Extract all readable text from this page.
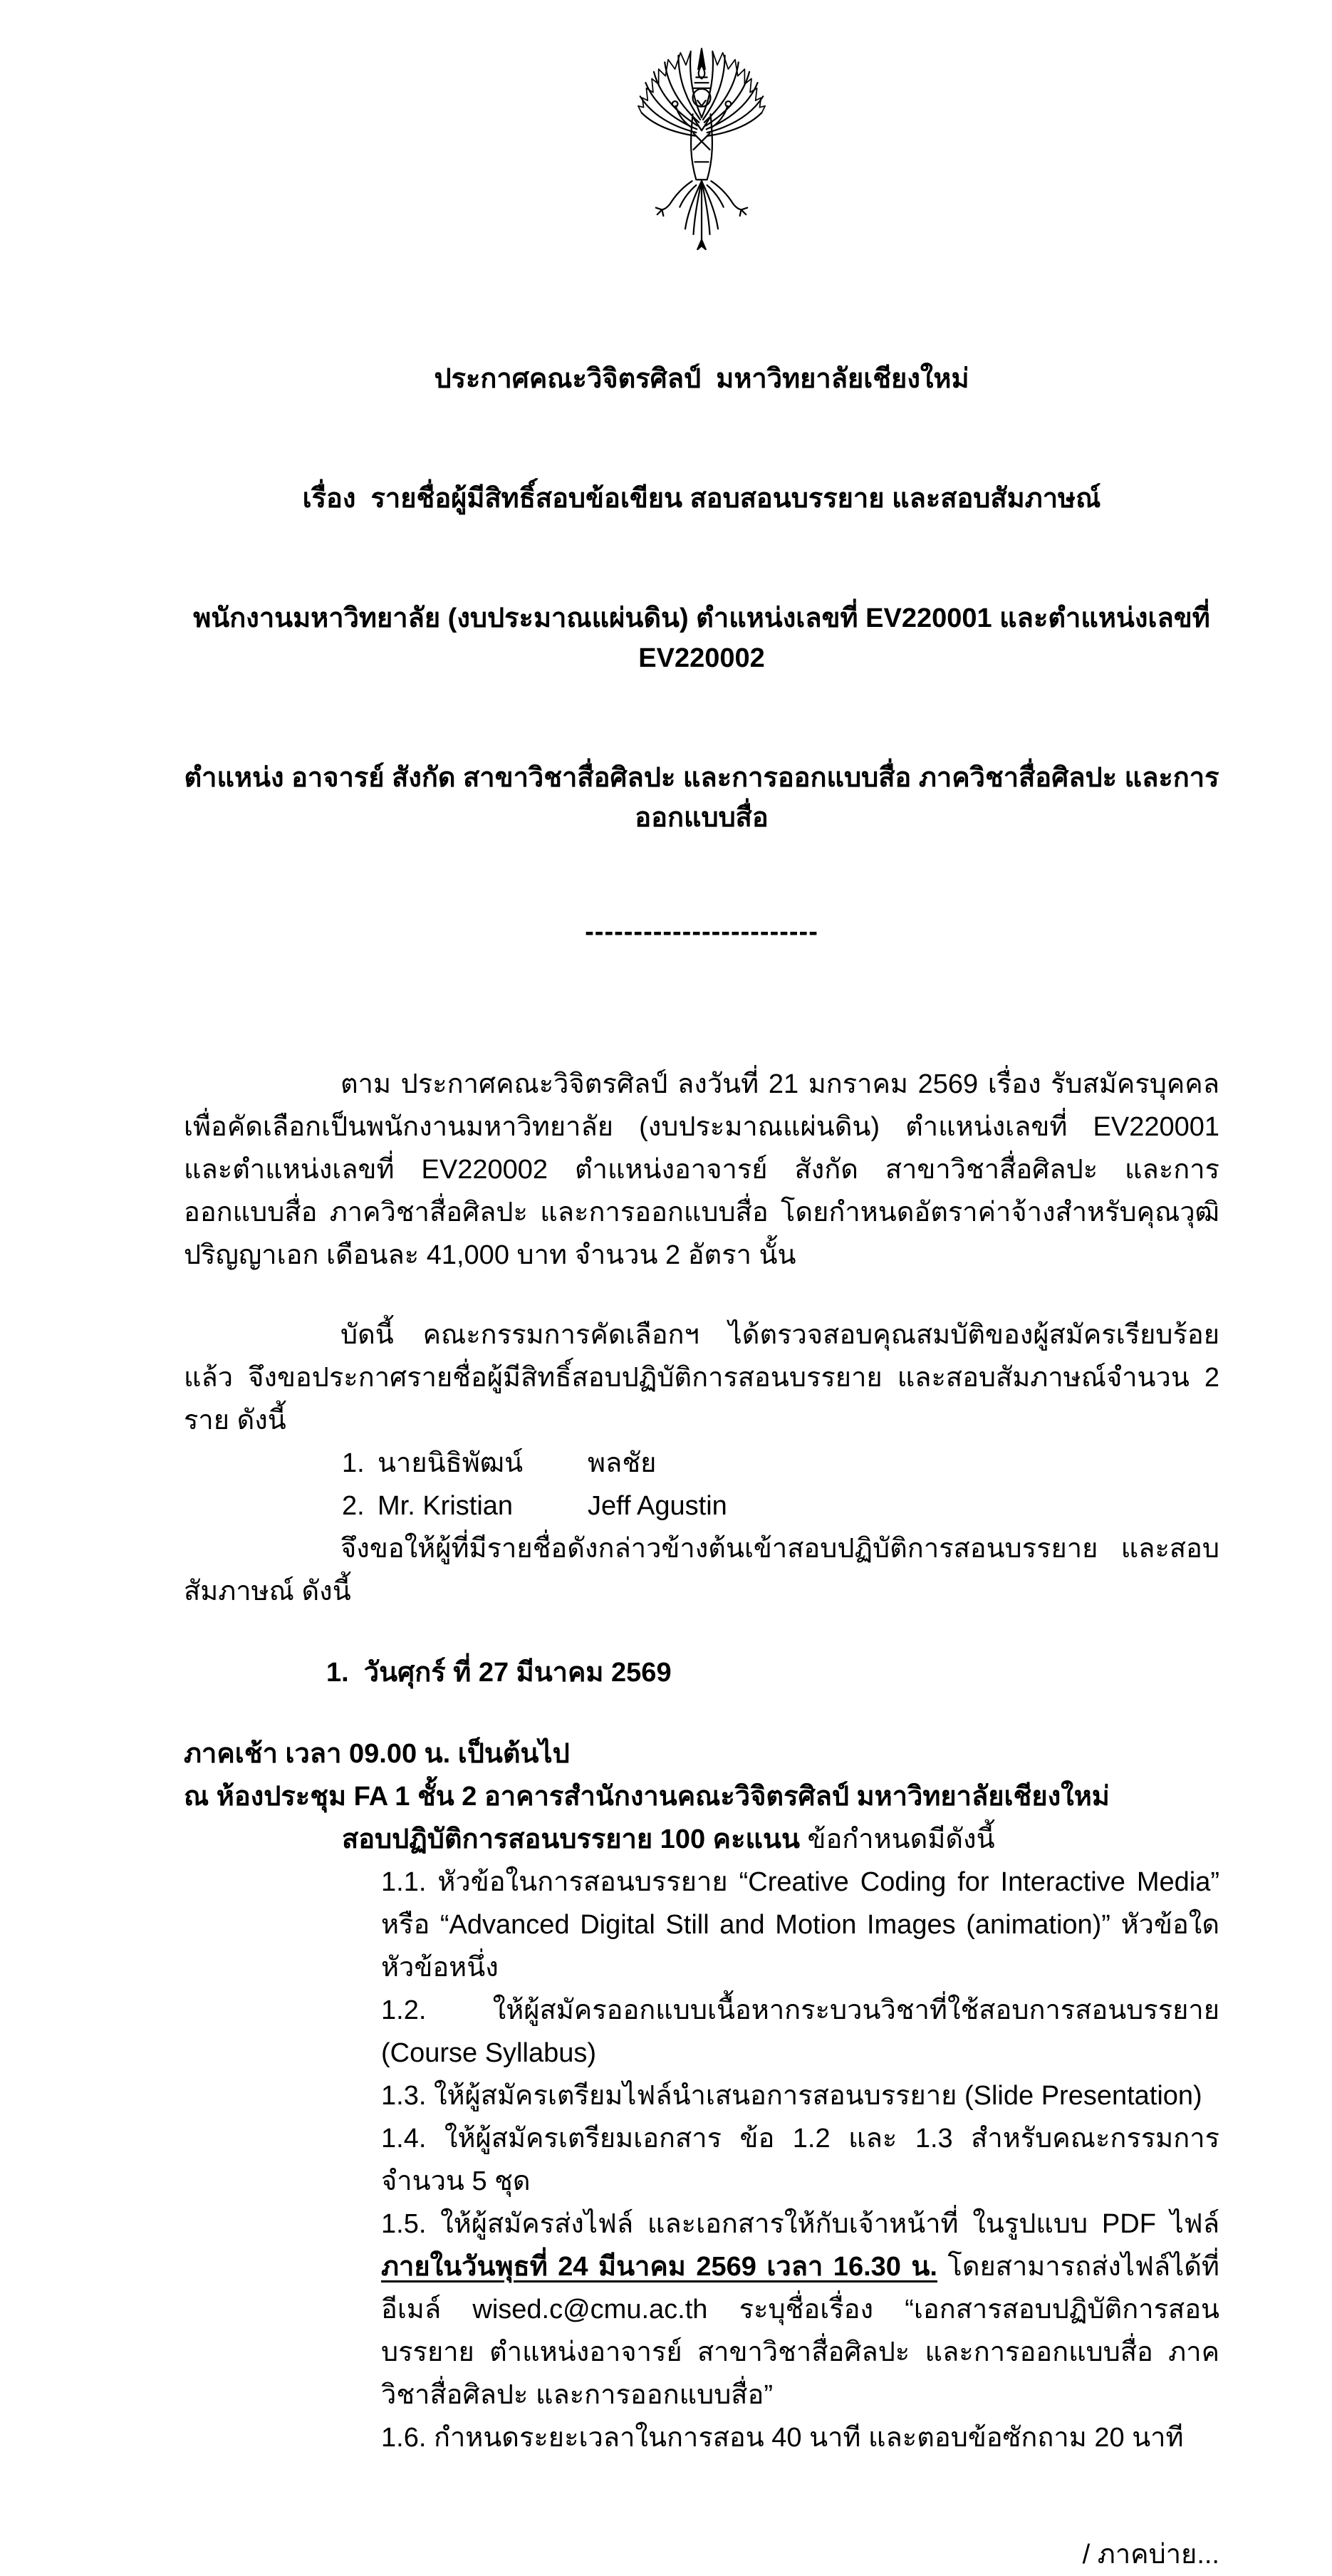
ประกาศคณะวิจิตรศิลป์  มหาวิทยาลัยเชียงใหม่

เรื่อง  รายชื่อผู้มีสิทธิ์สอบข้อเขียน สอบสอนบรรยาย และสอบสัมภาษณ์

พนักงานมหาวิทยาลัย (งบประมาณแผ่นดิน) ตำแหน่งเลขที่ EV220001 และตำแหน่งเลขที่ EV220002

ตำแหน่ง อาจารย์ สังกัด สาขาวิชาสื่อศิลปะ และการออกแบบสื่อ ภาควิชาสื่อศิลปะ และการออกแบบสื่อ

------------------------

ตาม ประกาศคณะวิจิตรศิลป์ ลงวันที่ 21 มกราคม 2569 เรื่อง รับสมัครบุคคลเพื่อคัดเลือกเป็นพนักงานมหาวิทยาลัย (งบประมาณแผ่นดิน) ตำแหน่งเลขที่ EV220001 และตำแหน่งเลขที่ EV220002 ตำแหน่งอาจารย์ สังกัด สาขาวิชาสื่อศิลปะ และการออกแบบสื่อ ภาควิชาสื่อศิลปะ และการออกแบบสื่อ โดยกำหนดอัตราค่าจ้างสำหรับคุณวุฒิปริญญาเอก เดือนละ 41,000 บาท จำนวน 2 อัตรา นั้น

บัดนี้ คณะกรรมการคัดเลือกฯ ได้ตรวจสอบคุณสมบัติของผู้สมัครเรียบร้อยแล้ว จึงขอประกาศรายชื่อผู้มีสิทธิ์สอบปฏิบัติการสอนบรรยาย และสอบสัมภาษณ์จำนวน 2 ราย ดังนี้

1. นายนิธิพัฒน์	พลชัย
2. Mr. Kristian	Jeff Agustin

จึงขอให้ผู้ที่มีรายชื่อดังกล่าวข้างต้นเข้าสอบปฏิบัติการสอนบรรยาย และสอบสัมภาษณ์ ดังนี้

1.  วันศุกร์ ที่ 27 มีนาคม 2569

ภาคเช้า เวลา 09.00 น. เป็นต้นไป

ณ ห้องประชุม FA 1 ชั้น 2 อาคารสำนักงานคณะวิจิตรศิลป์ มหาวิทยาลัยเชียงใหม่

สอบปฏิบัติการสอนบรรยาย 100 คะแนน ข้อกำหนดมีดังนี้

1.1. หัวข้อในการสอนบรรยาย “Creative Coding for Interactive Media” หรือ “Advanced Digital Still and Motion Images (animation)” หัวข้อใดหัวข้อหนึ่ง

1.2. ให้ผู้สมัครออกแบบเนื้อหากระบวนวิชาที่ใช้สอบการสอนบรรยาย (Course Syllabus)

1.3. ให้ผู้สมัครเตรียมไฟล์นำเสนอการสอนบรรยาย (Slide Presentation)

1.4. ให้ผู้สมัครเตรียมเอกสาร ข้อ 1.2 และ 1.3 สำหรับคณะกรรมการ จำนวน 5 ชุด

1.5. ให้ผู้สมัครส่งไฟล์ และเอกสารให้กับเจ้าหน้าที่ ในรูปแบบ PDF ไฟล์ ภายในวันพุธที่ 24 มีนาคม 2569 เวลา 16.30 น. โดยสามารถส่งไฟล์ได้ที่ อีเมล์ wised.c@cmu.ac.th ระบุชื่อเรื่อง “เอกสารสอบปฏิบัติการสอนบรรยาย ตำแหน่งอาจารย์ สาขาวิชาสื่อศิลปะ และการออกแบบสื่อ ภาควิชาสื่อศิลปะ และการออกแบบสื่อ”

1.6. กำหนดระยะเวลาในการสอน 40 นาที และตอบข้อซักถาม 20 นาที

/ ภาคบ่าย...
